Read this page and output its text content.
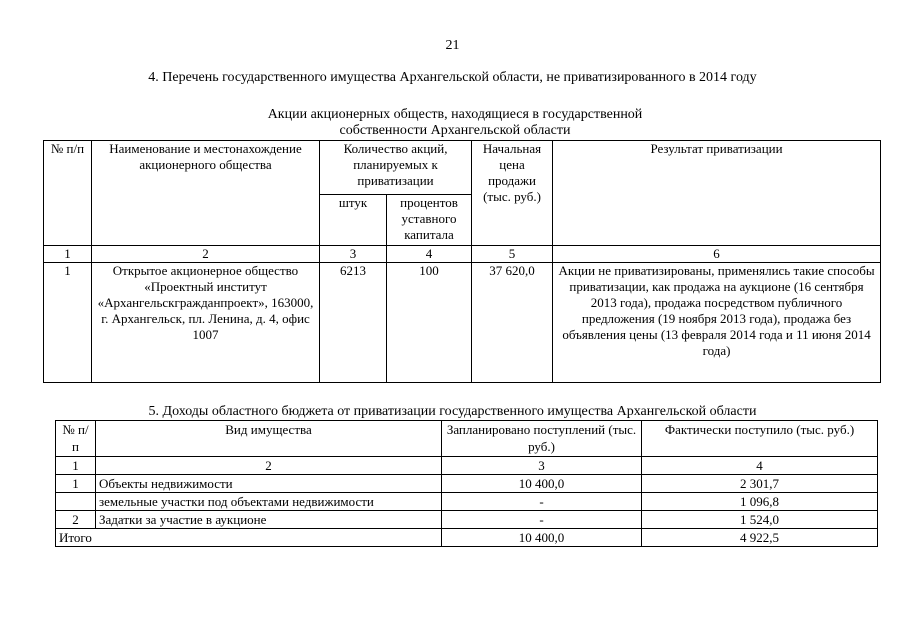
21
4. Перечень государственного имущества Архангельской области, не приватизированного в 2014 году
Акции акционерных обществ, находящиеся в государственной
собственности Архангельской области
№ п/п	Наименование и местонахождение акционерного общества	Количество акций, планируемых к приватизации		Начальная цена продажи (тыс. руб.)	Результат приватизации
		штук	процентов уставного капитала		
1	2	3	4	5	6
1	Открытое акционерное общество «Проектный институт «Архангельскгражданпроект», 163000, г. Архангельск, пл. Ленина, д. 4, офис 1007	6213	100	37 620,0	Акции не приватизированы, применялись такие способы приватизации, как продажа на аукционе (16 сентября 2013 года), продажа посредством публичного предложения (19 ноября 2013 года), продажа без объявления цены (13 февраля 2014 года и 11 июня 2014 года)
5. Доходы областного бюджета от приватизации государственного имущества Архангельской области
№ п/п	Вид имущества	Запланировано поступлений (тыс. руб.)	Фактически поступило (тыс. руб.)
1	2	3	4
1	Объекты недвижимости	10 400,0	2 301,7
	земельные участки под объектами недвижимости	-	1 096,8
2	Задатки за участие в аукционе	-	1 524,0
Итого		10 400,0	4 922,5
